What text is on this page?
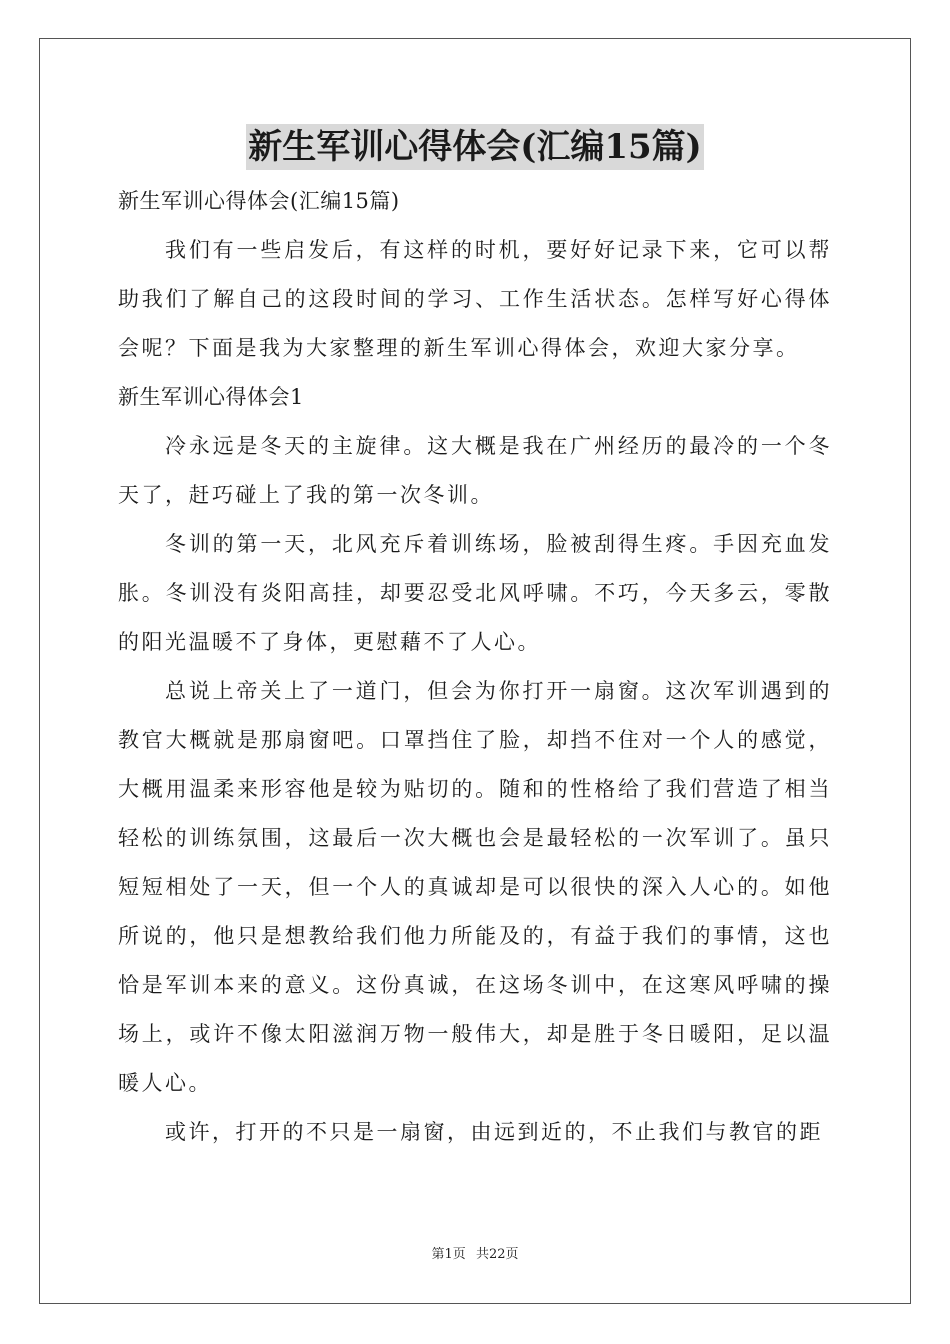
新生军训心得体会(汇编15篇)

新生军训心得体会(汇编15篇)

我们有一些启发后，有这样的时机，要好好记录下来，它可以帮助我们了解自己的这段时间的学习、工作生活状态。怎样写好心得体会呢？下面是我为大家整理的新生军训心得体会，欢迎大家分享。

新生军训心得体会1

冷永远是冬天的主旋律。这大概是我在广州经历的最冷的一个冬天了，赶巧碰上了我的第一次冬训。

冬训的第一天，北风充斥着训练场，脸被刮得生疼。手因充血发胀。冬训没有炎阳高挂，却要忍受北风呼啸。不巧，今天多云，零散的阳光温暖不了身体，更慰藉不了人心。

总说上帝关上了一道门，但会为你打开一扇窗。这次军训遇到的教官大概就是那扇窗吧。口罩挡住了脸，却挡不住对一个人的感觉，大概用温柔来形容他是较为贴切的。随和的性格给了我们营造了相当轻松的训练氛围，这最后一次大概也会是最轻松的一次军训了。虽只短短相处了一天，但一个人的真诚却是可以很快的深入人心的。如他所说的，他只是想教给我们他力所能及的，有益于我们的事情，这也恰是军训本来的意义。这份真诚，在这场冬训中，在这寒风呼啸的操场上，或许不像太阳滋润万物一般伟大，却是胜于冬日暖阳，足以温暖人心。

或许，打开的不只是一扇窗，由远到近的，不止我们与教官的距

第1页 共22页
